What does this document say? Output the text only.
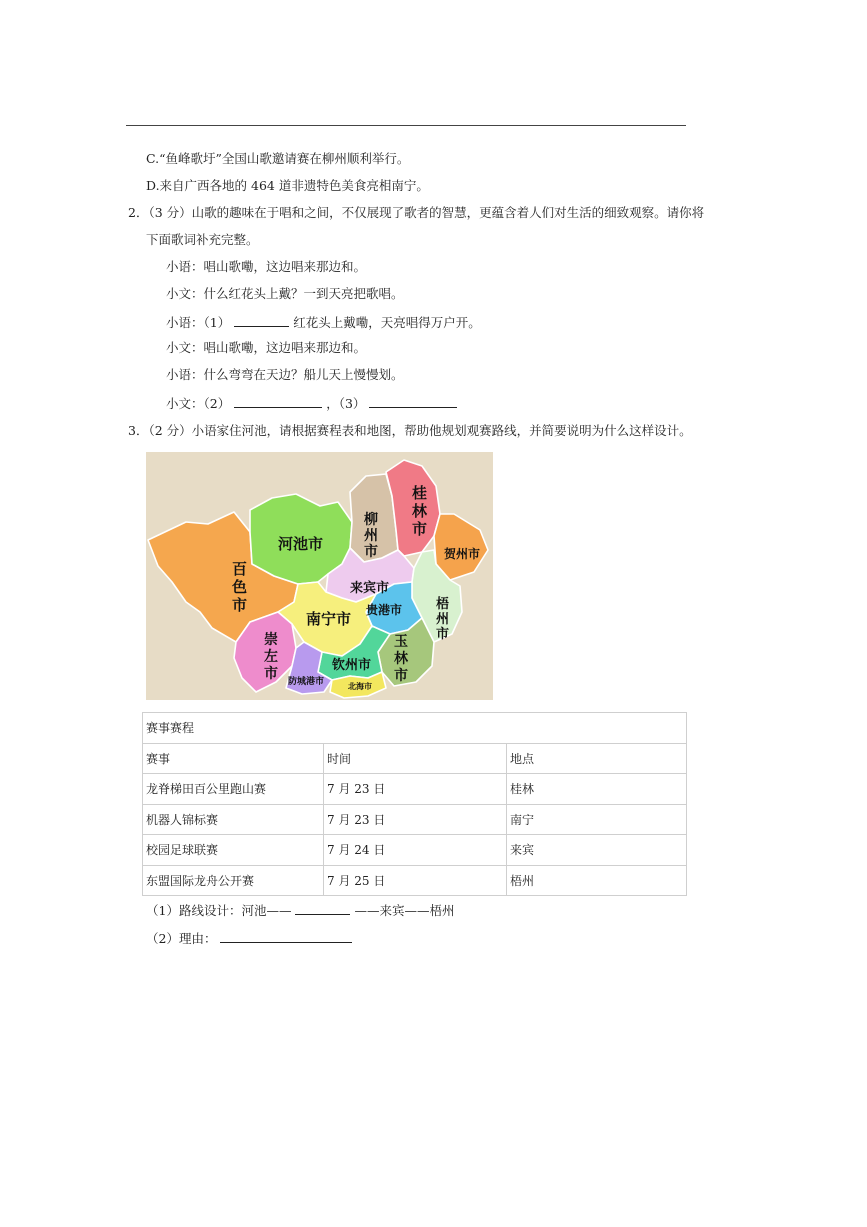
C.“鱼峰歌圩”全国山歌邀请赛在柳州顺利举行。
D.来自广西各地的 464 道非遗特色美食亮相南宁。
2．（3 分）山歌的趣味在于唱和之间，不仅展现了歌者的智慧，更蕴含着人们对生活的细致观察。请你将
下面歌词补充完整。
小语：唱山歌嘞，这边唱来那边和。
小文：什么红花头上戴？一到天亮把歌唱。
小语：（1）	红花头上戴嘞，天亮唱得万户开。
小文：唱山歌嘞，这边唱来那边和。
小语：什么弯弯在天边？船儿天上慢慢划。
小文：（2）	，（3）
3．（2 分）小语家住河池，请根据赛程表和地图，帮助他规划观赛路线，并简要说明为什么这样设计。
河池市
柳
州
市
桂
林
市
贺州市
百
色
市
来宾市
梧
州
市
贵港市
南宁市
玉
林
市
崇
左
市
钦州市
防城港市	北海市
赛事赛程		
赛事	时间	地点
龙脊梯田百公里跑山赛	7 月 23 日	桂林
机器人锦标赛	7 月 23 日	南宁
校园足球联赛	7 月 24 日	来宾
东盟国际龙舟公开赛	7 月 25 日	梧州
（1）路线设计：河池——	——来宾——梧州
（2）理由：
